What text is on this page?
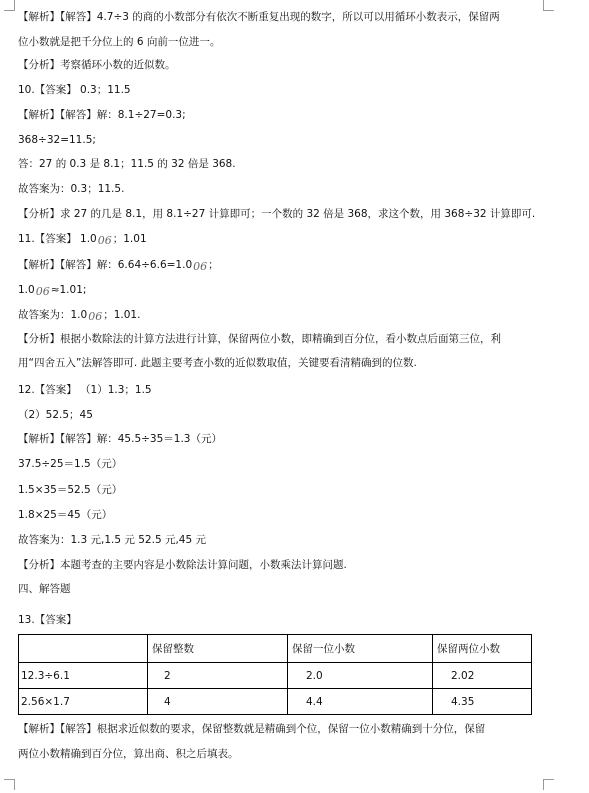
【解析】【解答】4.7÷3 的商的小数部分有依次不断重复出现的数字，所以可以用循环小数表示，保留两
位小数就是把千分位上的 6 向前一位进一。
【分析】考察循环小数的近似数。
10.【答案】 0.3；11.5
【解析】【解答】解：8.1÷27=0.3;
368÷32=11.5;
答：27 的 0.3 是 8.1；11.5 的 32 倍是 368.
故答案为：0.3；11.5.
【分析】求 27 的几是 8.1，用 8.1÷27 计算即可；一个数的 32 倍是 368，求这个数，用 368÷32 计算即可.
11.【答案】 1.006；1.01
【解析】【解答】解：6.64÷6.6=1.006；
1.006≈1.01;
故答案为：1.006；1.01.
【分析】根据小数除法的计算方法进行计算，保留两位小数，即精确到百分位，看小数点后面第三位，利
用“四舍五入”法解答即可. 此题主要考查小数的近似数取值，关键要看清精确到的位数.
12.【答案】 （1）1.3；1.5
（2）52.5；45
【解析】【解答】解：45.5÷35＝1.3（元）
37.5÷25＝1.5（元）
1.5×35＝52.5（元）
1.8×25＝45（元）
故答案为：1.3 元,1.5 元 52.5 元,45 元
【分析】本题考查的主要内容是小数除法计算问题，小数乘法计算问题.
四、解答题
13.【答案】
	保留整数	保留一位小数	保留两位小数
12.3÷6.1	2	2.0	2.02
2.56×1.7	4	4.4	4.35
【解析】【解答】根据求近似数的要求，保留整数就是精确到个位，保留一位小数精确到十分位，保留
两位小数精确到百分位，算出商、积之后填表。
